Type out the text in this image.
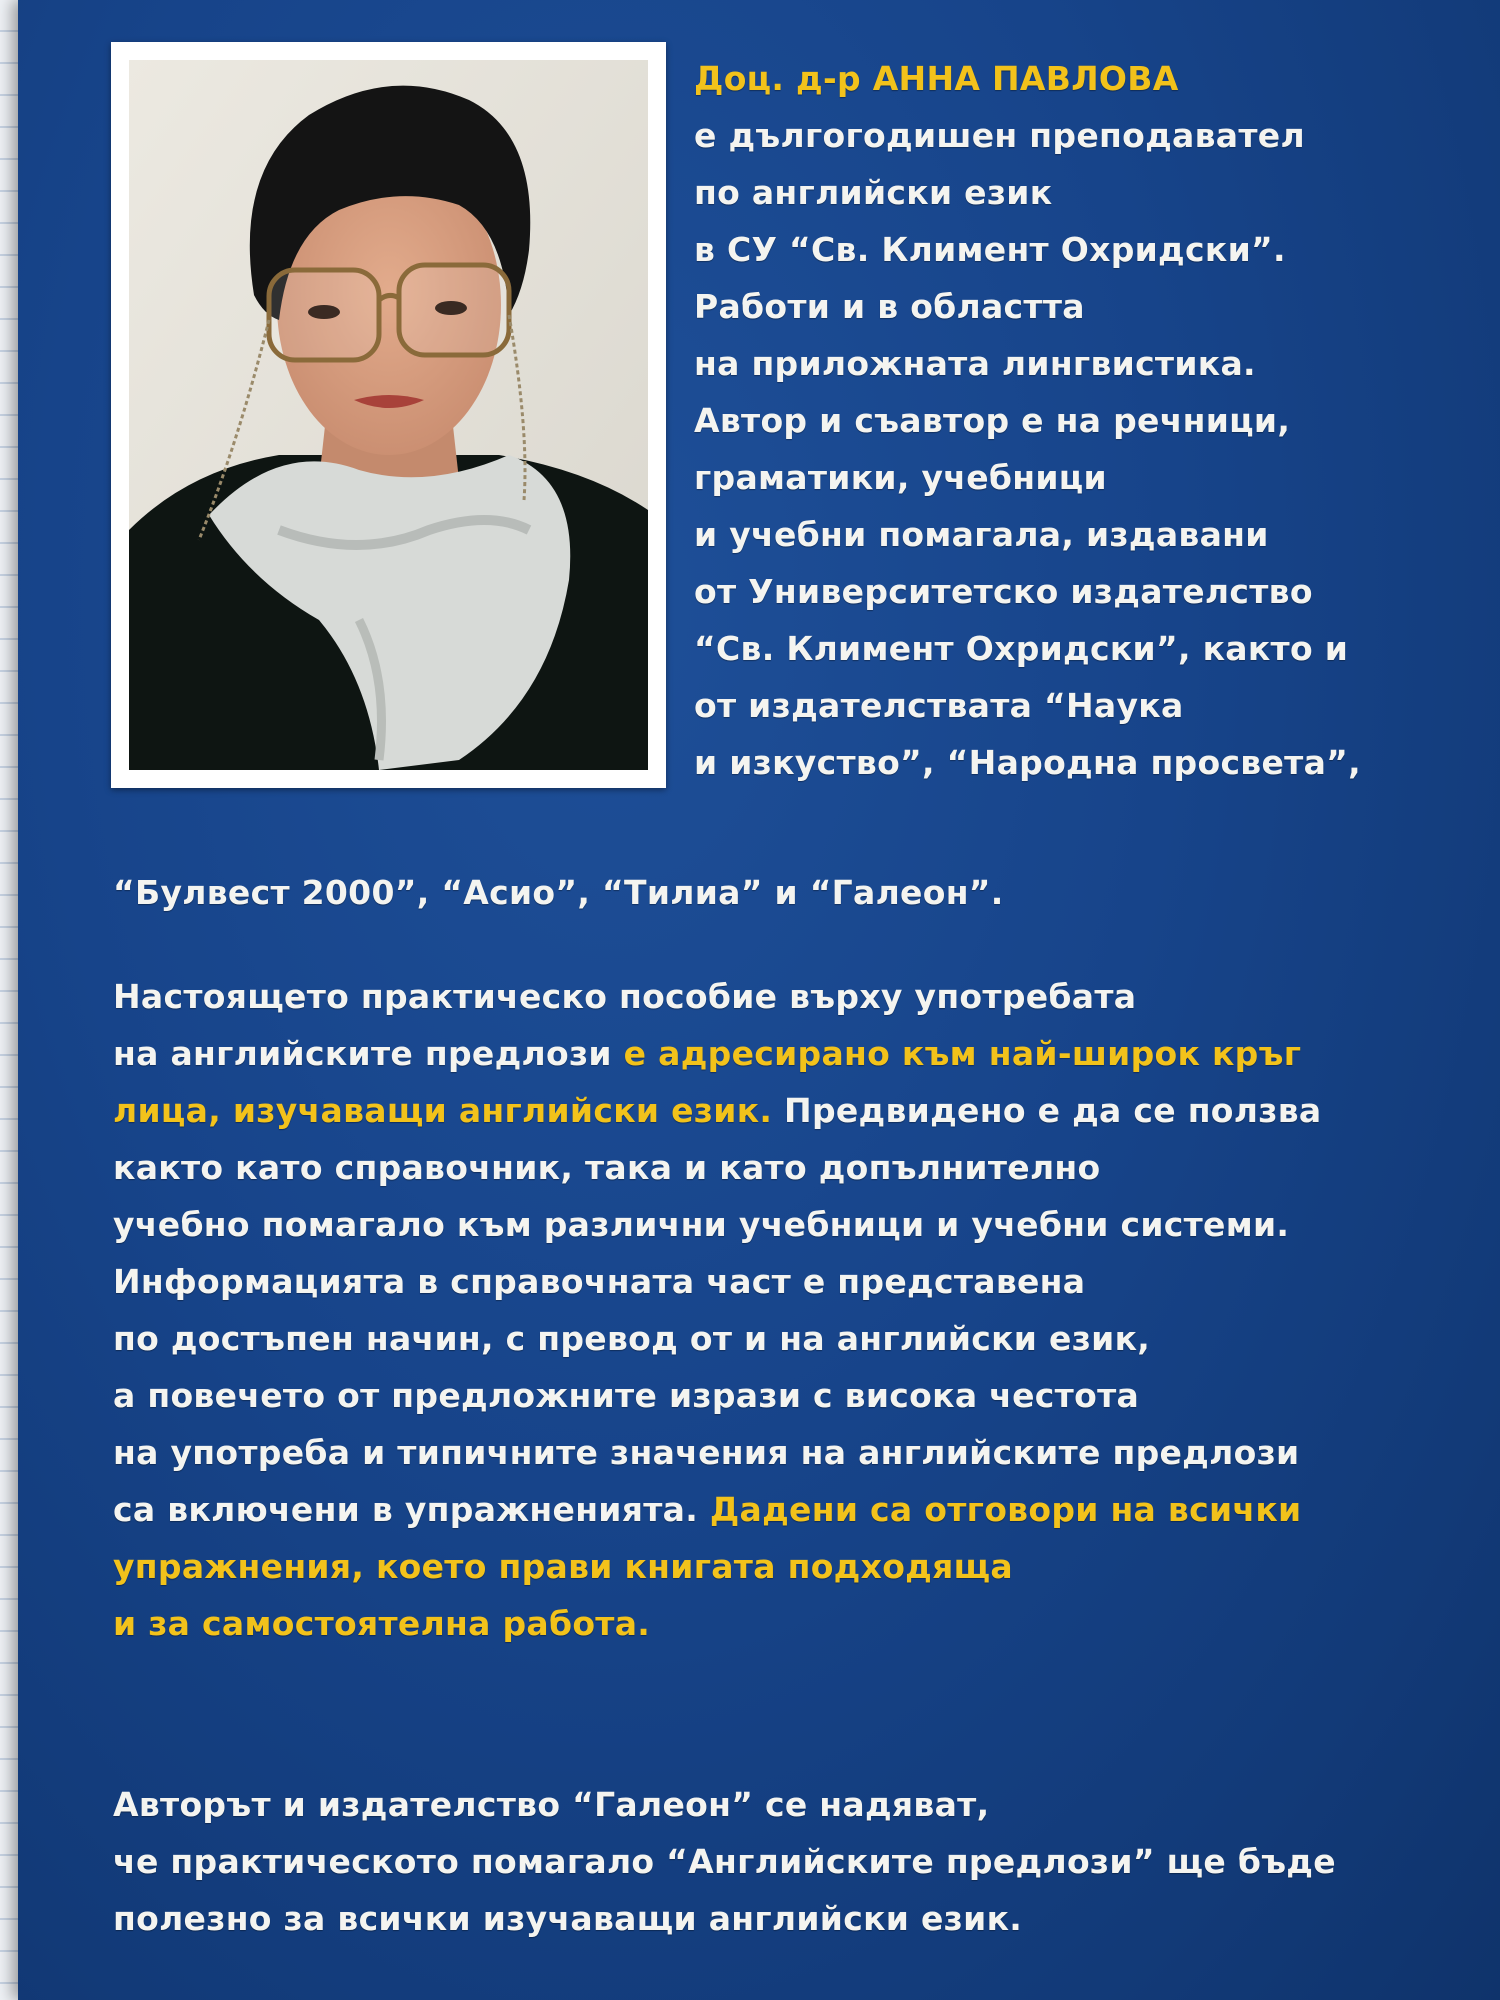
Доц. д-р АННА ПАВЛОВА
е дългогодишен преподавател
по английски език
в СУ “Св. Климент Охридски”.
Работи и в областта
на приложната лингвистика.
Автор и съавтор е на речници,
граматики, учебници
и учебни помагала, издавани
от Университетско издателство
“Св. Климент Охридски”, както и
от издателствата “Наука
и изкуство”, “Народна просвета”,
“Булвест 2000”, “Асио”, “Тилиа” и “Галеон”.
Настоящето практическо пособие върху употребата
на английските предлози е адресирано към най-широк кръг
лица, изучаващи английски език. Предвидено е да се ползва
както като справочник, така и като допълнително
учебно помагало към различни учебници и учебни системи.
Информацията в справочната част е представена
по достъпен начин, с превод от и на английски език,
а повечето от предложните изрази с висока честота
на употреба и типичните значения на английските предлози
са включени в упражненията. Дадени са отговори на всички
упражнения, което прави книгата подходяща
и за самостоятелна работа.
Авторът и издателство “Галеон” се надяват,
че практическото помагало “Английските предлози” ще бъде
полезно за всички изучаващи английски език.
